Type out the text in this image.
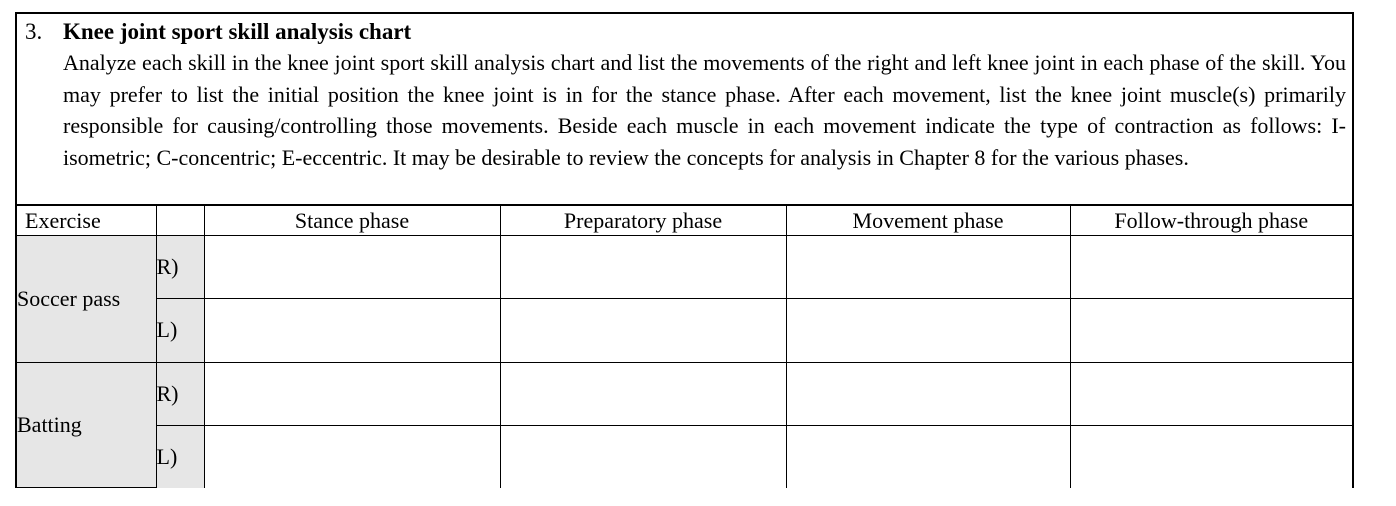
3. Knee joint sport skill analysis chart
Analyze each skill in the knee joint sport skill analysis chart and list the movements of the right and left knee joint in each phase of the skill. You may prefer to list the initial position the knee joint is in for the stance phase. After each movement, list the knee joint muscle(s) primarily responsible for causing/controlling those movements. Beside each muscle in each movement indicate the type of contraction as follows: I-isometric; C-concentric; E-eccentric. It may be desirable to review the concepts for analysis in Chapter 8 for the various phases.
Exercise		Stance phase	Preparatory phase	Movement phase	Follow-through phase
Soccer pass	R)				
	L)				
Batting	R)				
	L)				
